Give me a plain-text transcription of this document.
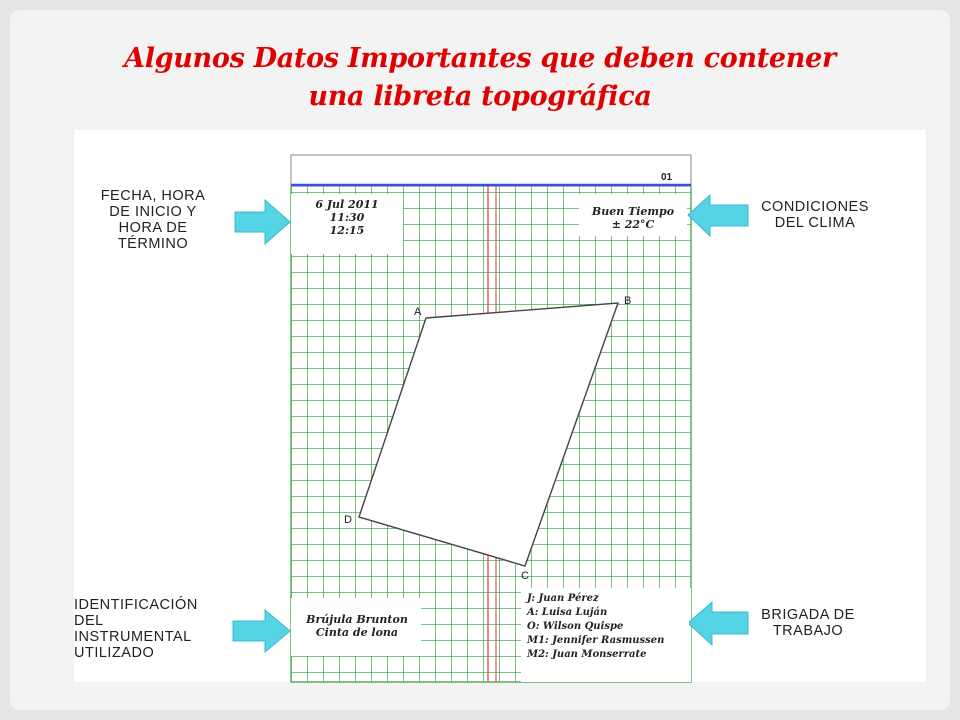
Algunos Datos Importantes que deben contener
una libreta topográfica
A
B
C
D
01
6 Jul 2011
11:30
12:15
Buen Tiempo
± 22°C
Brújula Brunton
Cinta de lona
J: Juan Pérez
A: Luisa Luján
O: Wilson Quispe
M1: Jennifer Rasmussen
M2: Juan Monserrate
FECHA, HORA
DE INICIO Y
HORA DE
TÉRMINO
CONDICIONES
DEL CLIMA
IDENTIFICACIÓN
DEL
INSTRUMENTAL
UTILIZADO
BRIGADA DE
TRABAJO
